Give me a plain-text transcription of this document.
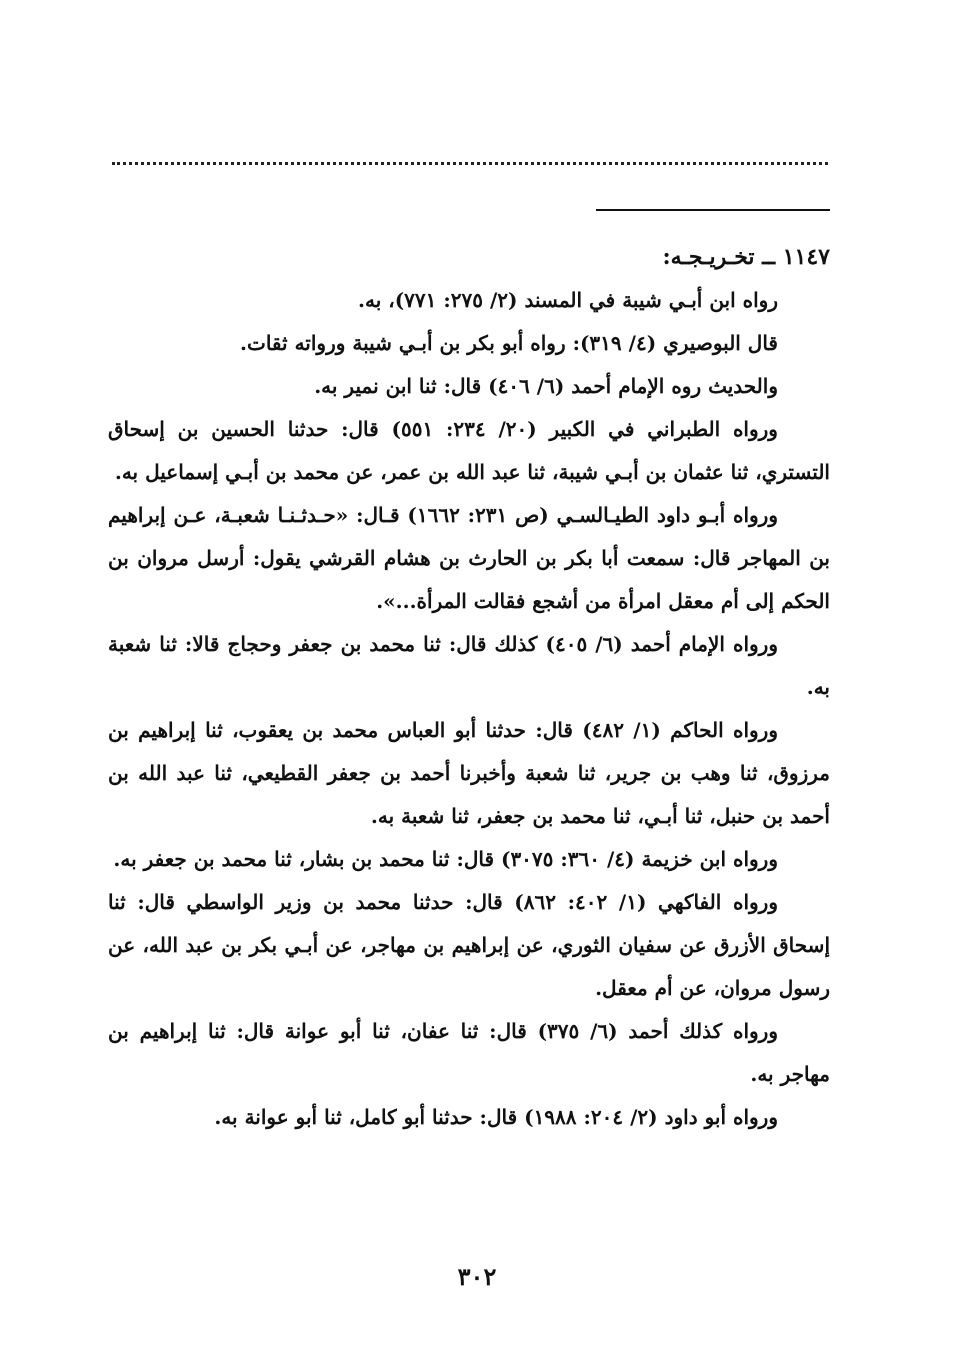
١١٤٧ ــ تخـريـجـه:

رواه ابن أبـي شيبة في المسند (٢/ ٢٧٥: ٧٧١)، به.

قال البوصيري (٤/ ٣١٩): رواه أبو بكر بن أبـي شيبة ورواته ثقات.

والحديث روه الإمام أحمد (٦/ ٤٠٦) قال: ثنا ابن نمير به.

ورواه الطبراني في الكبير (٢٠/ ٢٣٤: ٥٥١) قال: حدثنا الحسين بن إسحاق التستري، ثنا عثمان بن أبـي شيبة، ثنا عبد الله بن عمر، عن محمد بن أبـي إسماعيل به.

ورواه أبـو داود الطيـالسـي (ص ٢٣١: ١٦٦٢) قـال: «حـدثـنـا شعبـة، عـن إبراهيم بن المهاجر قال: سمعت أبا بكر بن الحارث بن هشام القرشي يقول: أرسل مروان بن الحكم إلى أم معقل امرأة من أشجع فقالت المرأة...».

ورواه الإمام أحمد (٦/ ٤٠٥) كذلك قال: ثنا محمد بن جعفر وحجاج قالا: ثنا شعبة به.

ورواه الحاكم (١/ ٤٨٢) قال: حدثنا أبو العباس محمد بن يعقوب، ثنا إبراهيم بن مرزوق، ثنا وهب بن جرير، ثنا شعبة وأخبرنا أحمد بن جعفر القطيعي، ثنا عبد الله بن أحمد بن حنبل، ثنا أبـي، ثنا محمد بن جعفر، ثنا شعبة به.

ورواه ابن خزيمة (٤/ ٣٦٠: ٣٠٧٥) قال: ثنا محمد بن بشار، ثنا محمد بن جعفر به.

ورواه الفاكهي (١/ ٤٠٢: ٨٦٢) قال: حدثنا محمد بن وزير الواسطي قال: ثنا إسحاق الأزرق عن سفيان الثوري، عن إبراهيم بن مهاجر، عن أبـي بكر بن عبد الله، عن رسول مروان، عن أم معقل.

ورواه كذلك أحمد (٦/ ٣٧٥) قال: ثنا عفان، ثنا أبو عوانة قال: ثنا إبراهيم بن مهاجر به.

ورواه أبو داود (٢/ ٢٠٤: ١٩٨٨) قال: حدثنا أبو كامل، ثنا أبو عوانة به.

٣٠٢
